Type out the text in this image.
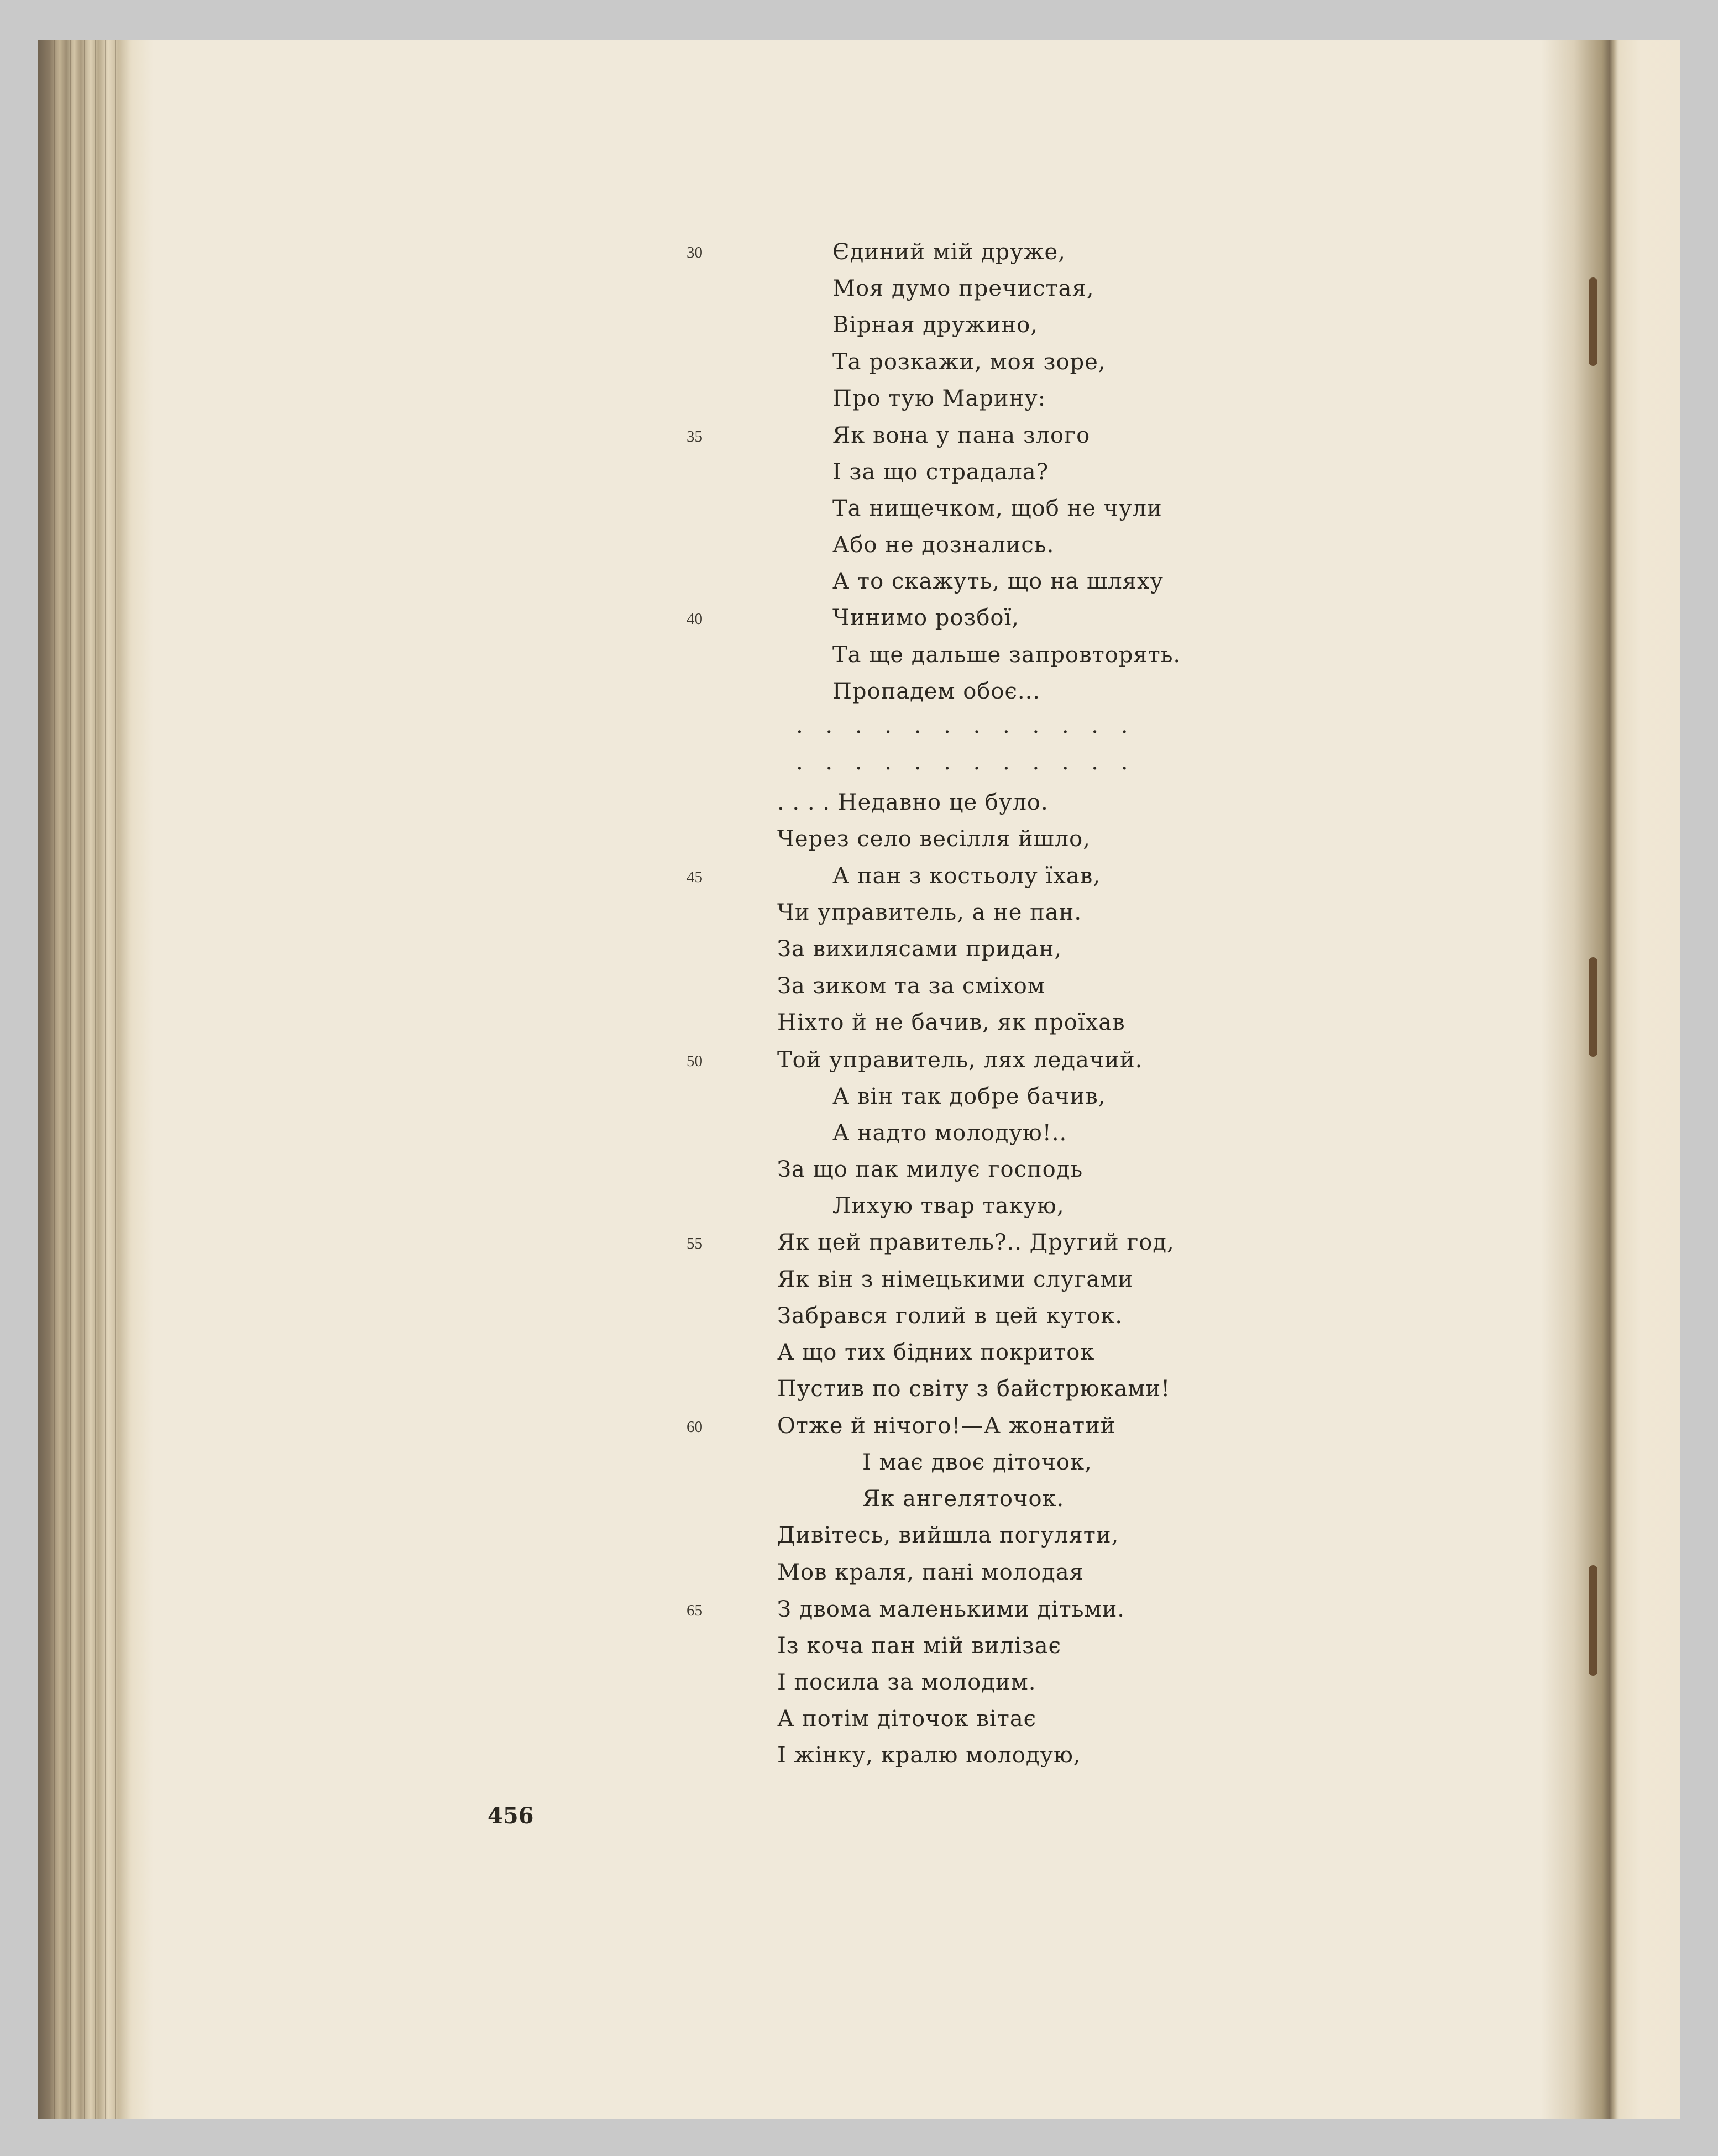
30
35
40
45
50
55
60
65
Єдиний мій друже,
Моя думо пречистая,
Вірная дружино,
Та розкажи, моя зоре,
Про тую Марину:
Як вона у пана злого
І за що страдала?
Та нищечком, щоб не чули
Або не дознались.
А то скажуть, що на шляху
Чинимо розбої,
Та ще дальше запровторять.
Пропадем обоє...
. . . . . . . . . . . .
. . . . . . . . . . . .
. . . . Недавно це було.
Через село весілля йшло,
А пан з костьолу їхав,
Чи управитель, а не пан.
За вихилясами придан,
За зиком та за сміхом
Ніхто й не бачив, як проїхав
Той управитель, лях ледачий.
А він так добре бачив,
А надто молодую!..
За що пак милує господь
Лихую твар такую,
Як цей правитель?.. Другий год,
Як він з німецькими слугами
Забрався голий в цей куток.
А що тих бідних покриток
Пустив по світу з байстрюками!
Отже й нічого!—А жонатий
І має двоє діточок,
Як ангеляточок.
Дивітесь, вийшла погуляти,
Мов краля, пані молодая
З двома маленькими дітьми.
Із коча пан мій вилізає
І посила за молодим.
А потім діточок вітає
І жінку, кралю молодую,
456
